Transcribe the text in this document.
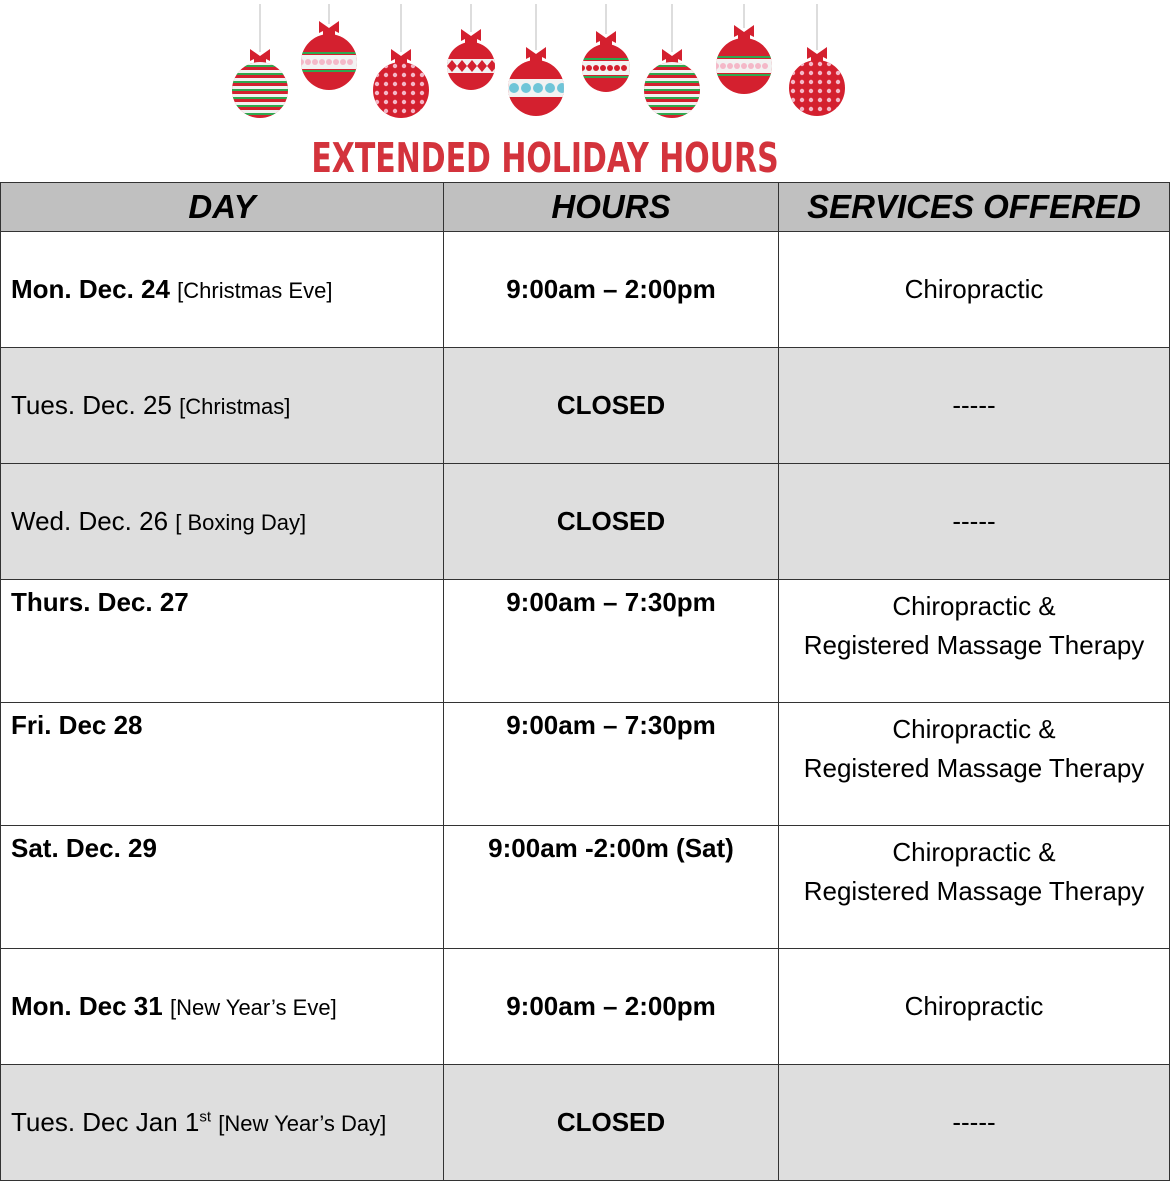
EXTENDED HOLIDAY HOURS
DAY	HOURS	SERVICES OFFERED
Mon. Dec. 24 [Christmas Eve]	9:00am – 2:00pm	Chiropractic

Tues. Dec. 25 [Christmas]	CLOSED	-----

Wed. Dec. 26 [ Boxing Day]	CLOSED	-----

Thurs. Dec. 27	9:00am – 7:30pm	Chiropractic &
Registered Massage Therapy

Fri. Dec 28	9:00am – 7:30pm	Chiropractic &
Registered Massage Therapy

Sat. Dec. 29	9:00am -2:00m (Sat)	Chiropractic &
Registered Massage Therapy

Mon. Dec 31 [New Year’s Eve]	9:00am – 2:00pm	Chiropractic

Tues. Dec Jan 1st [New Year’s Day]	CLOSED	-----
